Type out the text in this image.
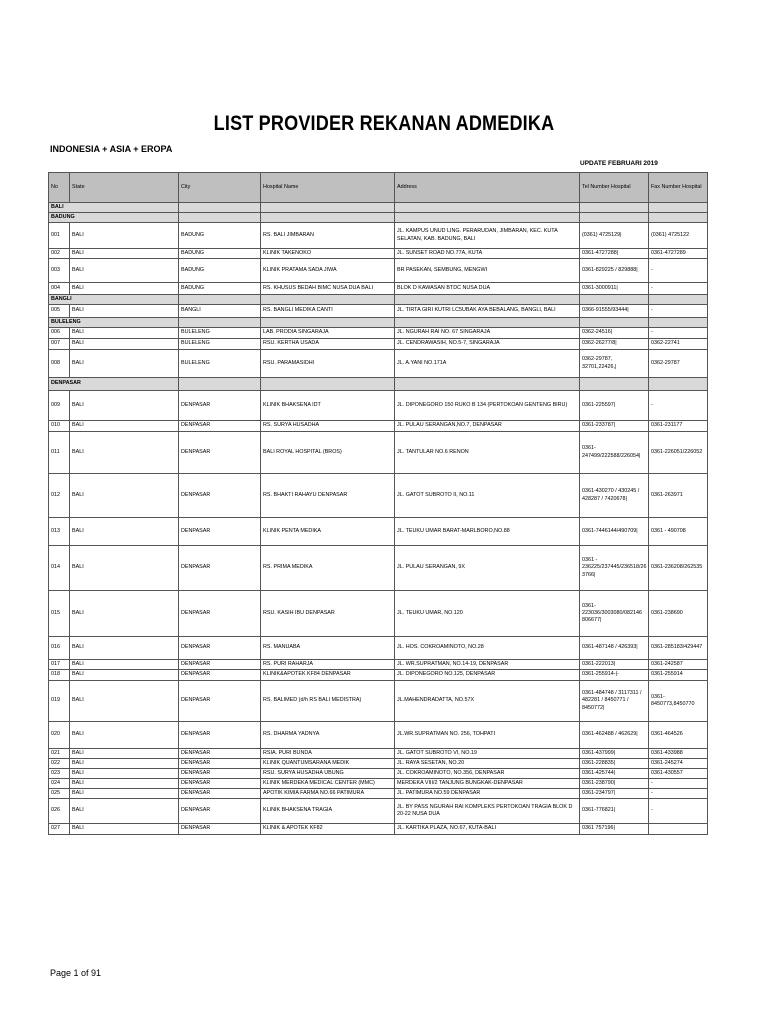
LIST PROVIDER REKANAN ADMEDIKA
INDONESIA + ASIA + EROPA
UPDATE FEBRUARI 2019
No	State	City	Hospital Name	Address	Tel Number Hospital	Fax Number Hospital
BALI						
BADUNG						
001	BALI	BADUNG	RS. BALI JIMBARAN	JL. KAMPUS UNUD LING. PERARUDAN, JIMBARAN, KEC. KUTA SELATAN, KAB. BADUNG, BALI	(0361) 4725129|	(0361) 4725122
002	BALI	BADUNG	KLINIK TAKENOKO	JL. SUNSET ROAD NO.77A, KUTA	0361-4727288|	0361-4727289
003	BALI	BADUNG	KLINIK PRATAMA SADA JIWA	BR PASEKAN, SEMBUNG, MENGWI	0361-829225 / 829888|	-
004	BALI	BADUNG	RS. KHUSUS BEDAH BIMC NUSA DUA BALI	BLOK D KAWASAN BTDC NUSA DUA	0361-3000911|	-
BANGLI						
005	BALI	BANGLI	RS. BANGLI MEDIKA CANTI	JL. TIRTA GIRI KUTRI LC5UBAK AYA BEBALANG, BANGLI, BALI	0366-91555/93444|	-
BULELENG						
006	BALI	BULELENG	LAB. PRODIA SINGARAJA	JL. NGURAH RAI NO. 67 SINGARAJA	0362-24516|	-
007	BALI	BULELENG	RSU. KERTHA USADA	JL. CENDRAWASIH, NO.5-7, SINGARAJA	0362-26277/8|	0362-22741
008	BALI	BULELENG	RSU. PARAMASIDHI	JL. A.YANI NO.171A	0362-29787, 32701,22426,|	0362-29787
DENPASAR						
009	BALI	DENPASAR	KLINIK BHAKSENA IDT	JL. DIPONEGORO 150 RUKO B 134 (PERTOKOAN GENTENG BIRU)	0361-225597|	-
010	BALI	DENPASAR	RS. SURYA HUSADHA	JL. PULAU SERANGAN,NO.7, DENPASAR	0361-233787|	0361-231177
011	BALI	DENPASAR	BALI ROYAL HOSPITAL (BROS)	JL. TANTULAR NO.6 RENON	0361-247499/222588/226054|	0361-226051/226052
012	BALI	DENPASAR	RS. BHAKTI RAHAYU DENPASAR	JL. GATOT SUBROTO II, NO.11	0361-430270 / 430245 / 428287 / 7420678|	0361-263971
013	BALI	DENPASAR	KLINIK PENTA MEDIKA	JL. TEUKU UMAR BARAT-MARLBORO,NO.88	0361-7446144/490709|	0361 - 490708
014	BALI	DENPASAR	RS. PRIMA MEDIKA	JL. PULAU SERANGAN, 9X	0361 - 236225/237445/236518/263766|	0361-236208/262535
015	BALI	DENPASAR	RSU. KASIH IBU DENPASAR	JL. TEUKU UMAR, NO.120	0361-223036/3003080/082146 806677|	0361-238690
016	BALI	DENPASAR	RS. MANUABA	JL. HOS. COKROAMINOTO, NO.28	0361-487148 / 426393|	0361-285183/429447
017	BALI	DENPASAR	RS. PURI RAHARJA	JL. WR.SUPRATMAN, NO.14-19, DENPASAR	0361-222013|	0361-242587
018	BALI	DENPASAR	KLINIK&APOTEK KF84 DENPASAR	JL. DIPONEGORO NO.125, DENPASAR	0361-255914-|-	0361-255914
019	BALI	DENPASAR	RS. BALIMED (d/h RS BALI MEDISTRA)	JL.MAHENDRADATTA, NO.57X	0361-484748 / 3117311 / 482281 / 8450771 / 8450772|	0361-8450773,8450770
020	BALI	DENPASAR	RS. DHARMA YADNYA	JL.WR.SUPRATMAN NO. 256, TOHPATI	0361-462488 / 462629|	0361-464526
021	BALI	DENPASAR	RSIA. PURI BUNDA	JL. GATOT SUBROTO VI, NO.19	0361-437999|	0361-433988
022	BALI	DENPASAR	KLINIK QUANTUMSARANA MEDIK	JL. RAYA SESETAN, NO.20	0361-228835|	0361-245274
023	BALI	DENPASAR	RSU. SURYA HUSADHA UBUNG	JL. COKROAMINOTO, NO.356, DENPASAR	0361-425744|	0361-430557
024	BALI	DENPASAR	KLINIK MERDEKA MEDICAL CENTER (MMC)	MERDEKA VIII/2 TANJUNG BUNGKAK-DENPASAR	0361-238790|	-
025	BALI	DENPASAR	APOTIK KIMIA FARMA NO.66 PATIMURA	JL. PATIMURA NO.59 DENPASAR	0361-234797|	-
026	BALI	DENPASAR	KLINIK BHAKSENA TRAGIA	JL. BY PASS NGURAH RAI KOMPLEKS PERTOKOAN TRAGIA BLOK D 20-22 NUSA DUA	0361-776821|	-
027	BALI	DENPASAR	KLINIK & APOTEK KF82	JL. KARTIKA PLAZA, NO.67, KUTA-BALI	0361 757196|	
Page 1 of 91
